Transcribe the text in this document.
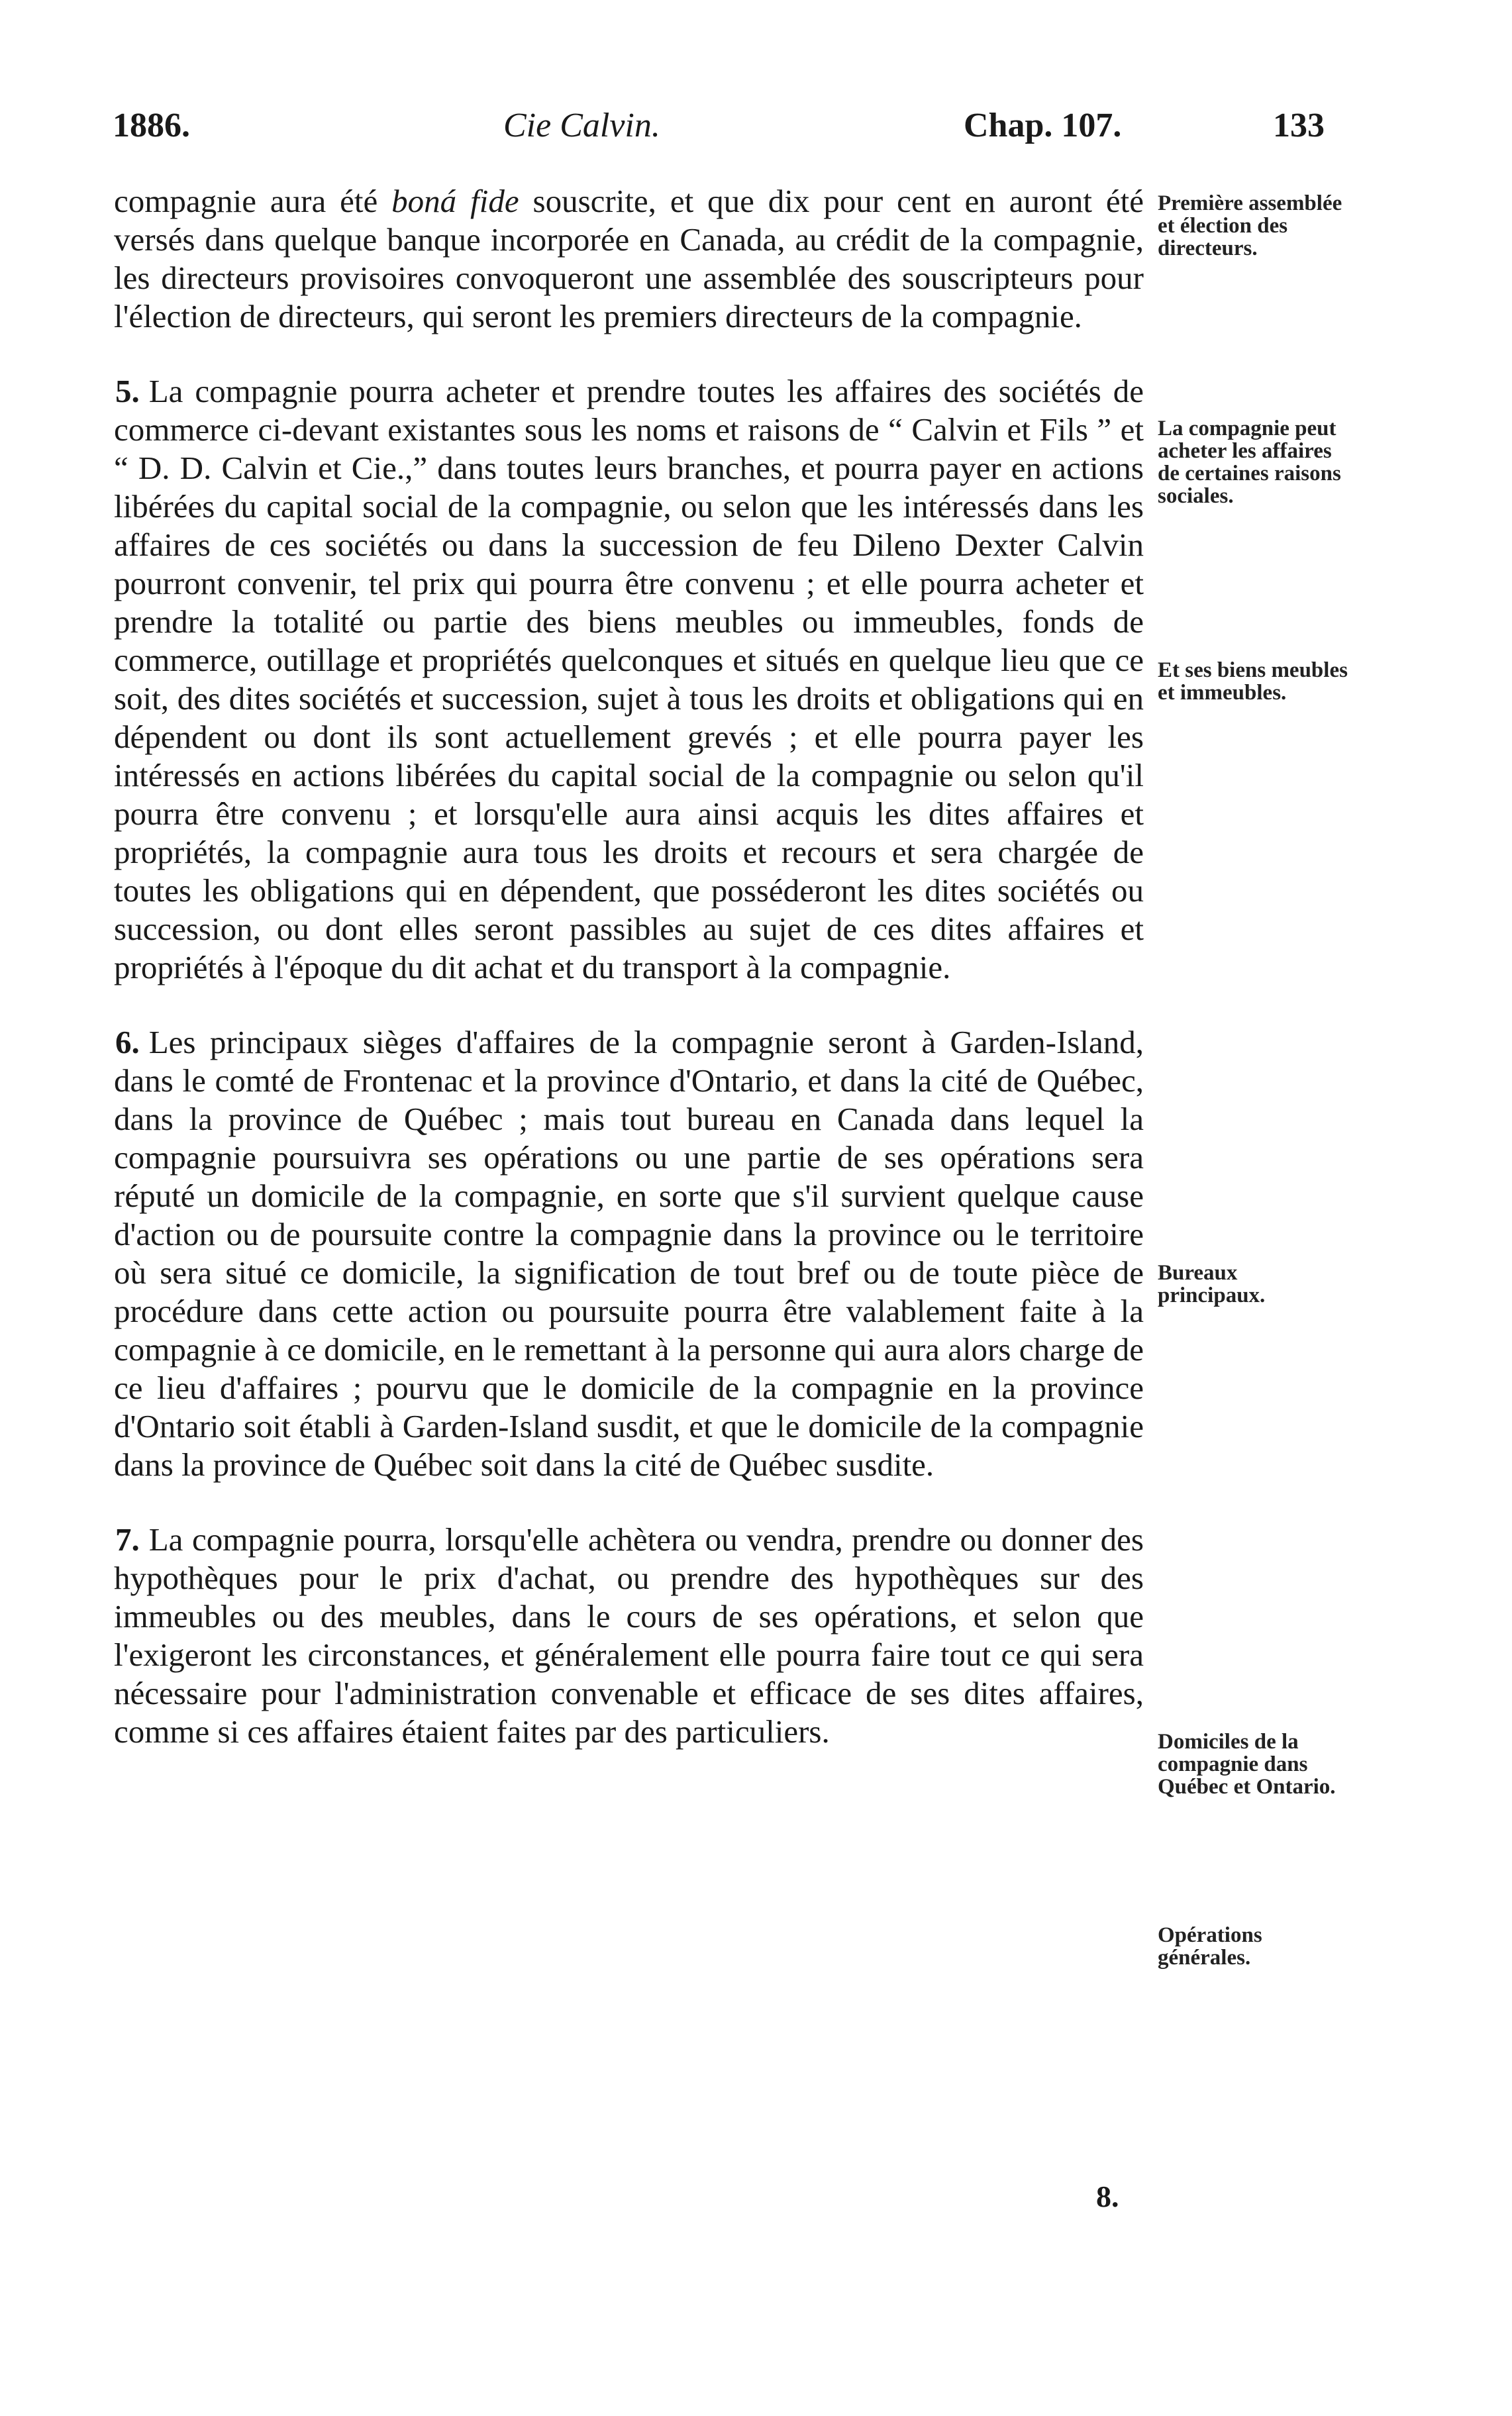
1886.	Cie Calvin.	Chap. 107.	133

compagnie aura été boná fide souscrite, et que dix pour cent en auront été versés dans quelque banque incorporée en Canada, au crédit de la compagnie, les directeurs provisoires convoqueront une assemblée des souscripteurs pour l'élection de directeurs, qui seront les premiers directeurs de la compagnie.

5. La compagnie pourra acheter et prendre toutes les affaires des sociétés de commerce ci-devant existantes sous les noms et raisons de “ Calvin et Fils ” et “ D. D. Calvin et Cie.,” dans toutes leurs branches, et pourra payer en actions libérées du capital social de la compagnie, ou selon que les intéressés dans les affaires de ces sociétés ou dans la succession de feu Dileno Dexter Calvin pourront convenir, tel prix qui pourra être convenu ; et elle pourra acheter et prendre la totalité ou partie des biens meubles ou immeubles, fonds de commerce, outillage et propriétés quelconques et situés en quelque lieu que ce soit, des dites sociétés et succession, sujet à tous les droits et obligations qui en dépendent ou dont ils sont actuellement grevés ; et elle pourra payer les intéressés en actions libérées du capital social de la compagnie ou selon qu'il pourra être convenu ; et lorsqu'elle aura ainsi acquis les dites affaires et propriétés, la compagnie aura tous les droits et recours et sera chargée de toutes les obligations qui en dépendent, que posséderont les dites sociétés ou succession, ou dont elles seront passibles au sujet de ces dites affaires et propriétés à l'époque du dit achat et du transport à la compagnie.

6. Les principaux sièges d'affaires de la compagnie seront à Garden-Island, dans le comté de Frontenac et la province d'Ontario, et dans la cité de Québec, dans la province de Québec ; mais tout bureau en Canada dans lequel la compagnie poursuivra ses opérations ou une partie de ses opérations sera réputé un domicile de la compagnie, en sorte que s'il survient quelque cause d'action ou de poursuite contre la compagnie dans la province ou le territoire où sera situé ce domicile, la signification de tout bref ou de toute pièce de procédure dans cette action ou poursuite pourra être valablement faite à la compagnie à ce domicile, en le remettant à la personne qui aura alors charge de ce lieu d'affaires ; pourvu que le domicile de la compagnie en la province d'Ontario soit établi à Garden-Island susdit, et que le domicile de la compagnie dans la province de Québec soit dans la cité de Québec susdite.

7. La compagnie pourra, lorsqu'elle achètera ou vendra, prendre ou donner des hypothèques pour le prix d'achat, ou prendre des hypothèques sur des immeubles ou des meubles, dans le cours de ses opérations, et selon que l'exigeront les circonstances, et généralement elle pourra faire tout ce qui sera nécessaire pour l'administration convenable et efficace de ses dites affaires, comme si ces affaires étaient faites par des particuliers.

Première assemblée et élection des directeurs.
La compagnie peut acheter les affaires de certaines raisons sociales.
Et ses biens meubles et immeubles.
Bureaux principaux.
Domiciles de la compagnie dans Québec et Ontario.
Opérations générales.
8.
